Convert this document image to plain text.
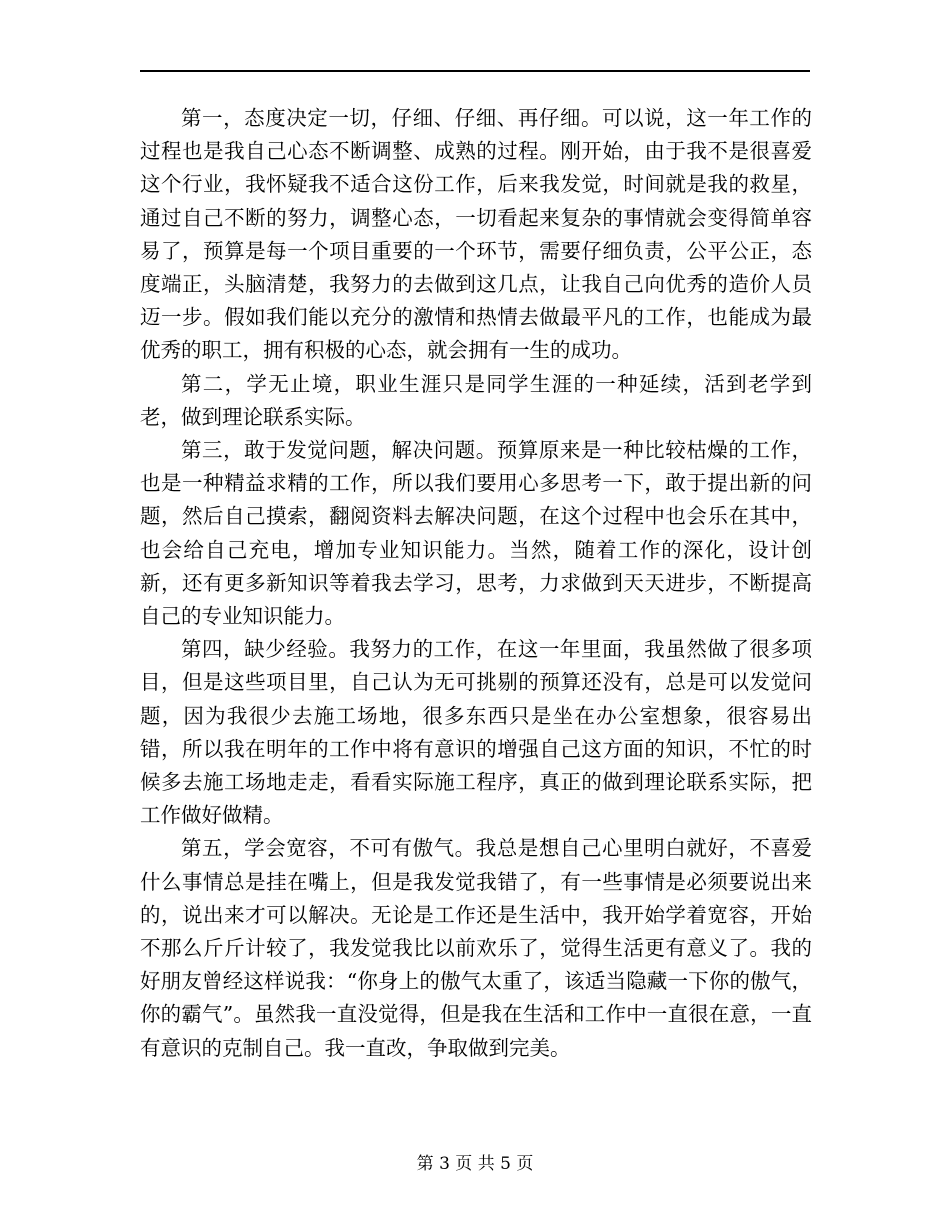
第一，态度决定一切，仔细、仔细、再仔细。可以说，这一年工作的过程也是我自己心态不断调整、成熟的过程。刚开始，由于我不是很喜爱这个行业，我怀疑我不适合这份工作，后来我发觉，时间就是我的救星，通过自己不断的努力，调整心态，一切看起来复杂的事情就会变得简单容易了，预算是每一个项目重要的一个环节，需要仔细负责，公平公正，态度端正，头脑清楚，我努力的去做到这几点，让我自己向优秀的造价人员迈一步。假如我们能以充分的激情和热情去做最平凡的工作，也能成为最优秀的职工，拥有积极的心态，就会拥有一生的成功。

第二，学无止境，职业生涯只是同学生涯的一种延续，活到老学到老，做到理论联系实际。

第三，敢于发觉问题，解决问题。预算原来是一种比较枯燥的工作，也是一种精益求精的工作，所以我们要用心多思考一下，敢于提出新的问题，然后自己摸索，翻阅资料去解决问题，在这个过程中也会乐在其中，也会给自己充电，增加专业知识能力。当然，随着工作的深化，设计创新，还有更多新知识等着我去学习，思考，力求做到天天进步，不断提高自己的专业知识能力。

第四，缺少经验。我努力的工作，在这一年里面，我虽然做了很多项目，但是这些项目里，自己认为无可挑剔的预算还没有，总是可以发觉问题，因为我很少去施工场地，很多东西只是坐在办公室想象，很容易出错，所以我在明年的工作中将有意识的增强自己这方面的知识，不忙的时候多去施工场地走走，看看实际施工程序，真正的做到理论联系实际，把工作做好做精。

第五，学会宽容，不可有傲气。我总是想自己心里明白就好，不喜爱什么事情总是挂在嘴上，但是我发觉我错了，有一些事情是必须要说出来的，说出来才可以解决。无论是工作还是生活中，我开始学着宽容，开始不那么斤斤计较了，我发觉我比以前欢乐了，觉得生活更有意义了。我的好朋友曾经这样说我：“你身上的傲气太重了，该适当隐藏一下你的傲气，你的霸气”。虽然我一直没觉得，但是我在生活和工作中一直很在意，一直有意识的克制自己。我一直改，争取做到完美。

第 3 页 共 5 页
